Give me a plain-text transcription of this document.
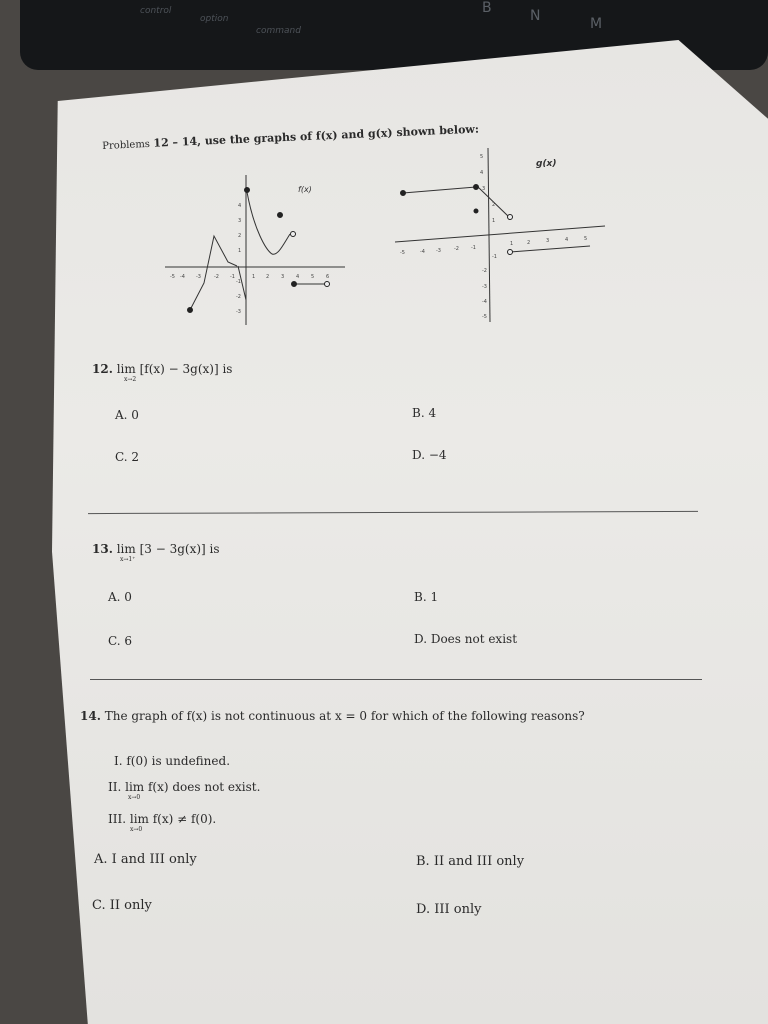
control
option
command
B	N	M
Problems 12 – 14, use the graphs of f(x) and g(x) shown below:
f(x)
-5 -4 -3	-2 -1	1 2 3 4 5 6
4
3
2
1
-1
-2
-3
g(x)
-5	-4 -3	-2 -1
1	2	3	4	5
5
4
3
2
1
-1
-2
-3
-4
-5
12. lim [f(x) − 3g(x)] is
x→2
A. 0	B. 4
C. 2	D. −4
13. lim [3 − 3g(x)] is
x→1⁺
A. 0	B. 1
C. 6	D. Does not exist
14. The graph of f(x) is not continuous at x = 0 for which of the following reasons?
I. f(0) is undefined.
II. lim f(x) does not exist.
x→0
III. lim f(x) ≠ f(0).
x→0
A. I and III only	B. II and III only
C. II only	D. III only
